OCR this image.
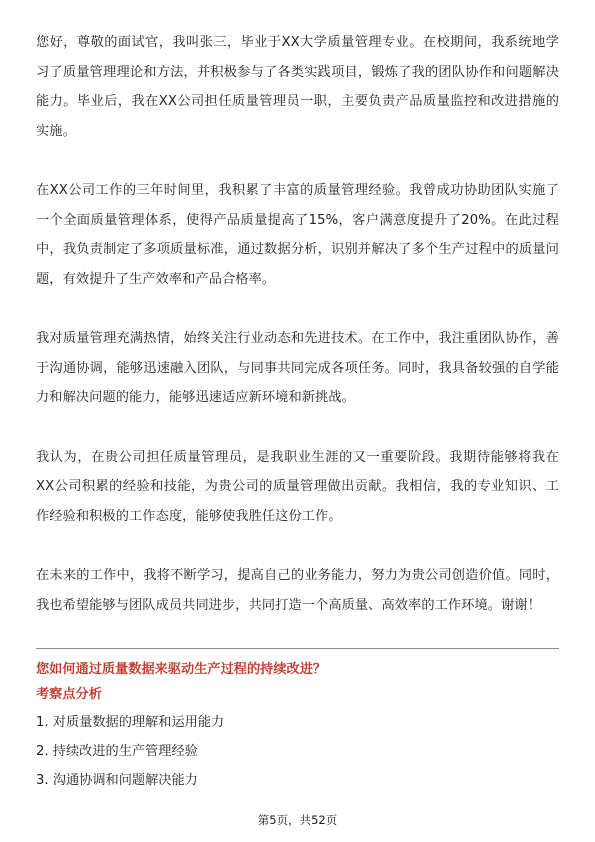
您好，尊敬的面试官，我叫张三，毕业于XX大学质量管理专业。在校期间，我系统地学习了质量管理理论和方法，并积极参与了各类实践项目，锻炼了我的团队协作和问题解决能力。毕业后，我在XX公司担任质量管理员一职，主要负责产品质量监控和改进措施的实施。

在XX公司工作的三年时间里，我积累了丰富的质量管理经验。我曾成功协助团队实施了一个全面质量管理体系，使得产品质量提高了15%，客户满意度提升了20%。在此过程中，我负责制定了多项质量标准，通过数据分析，识别并解决了多个生产过程中的质量问题，有效提升了生产效率和产品合格率。

我对质量管理充满热情，始终关注行业动态和先进技术。在工作中，我注重团队协作，善于沟通协调，能够迅速融入团队，与同事共同完成各项任务。同时，我具备较强的自学能力和解决问题的能力，能够迅速适应新环境和新挑战。

我认为，在贵公司担任质量管理员，是我职业生涯的又一重要阶段。我期待能够将我在XX公司积累的经验和技能，为贵公司的质量管理做出贡献。我相信，我的专业知识、工作经验和积极的工作态度，能够使我胜任这份工作。

在未来的工作中，我将不断学习，提高自己的业务能力，努力为贵公司创造价值。同时，我也希望能够与团队成员共同进步，共同打造一个高质量、高效率的工作环境。谢谢！

您如何通过质量数据来驱动生产过程的持续改进？

考察点分析

1. 对质量数据的理解和运用能力
2. 持续改进的生产管理经验
3. 沟通协调和问题解决能力
第5页，共52页
